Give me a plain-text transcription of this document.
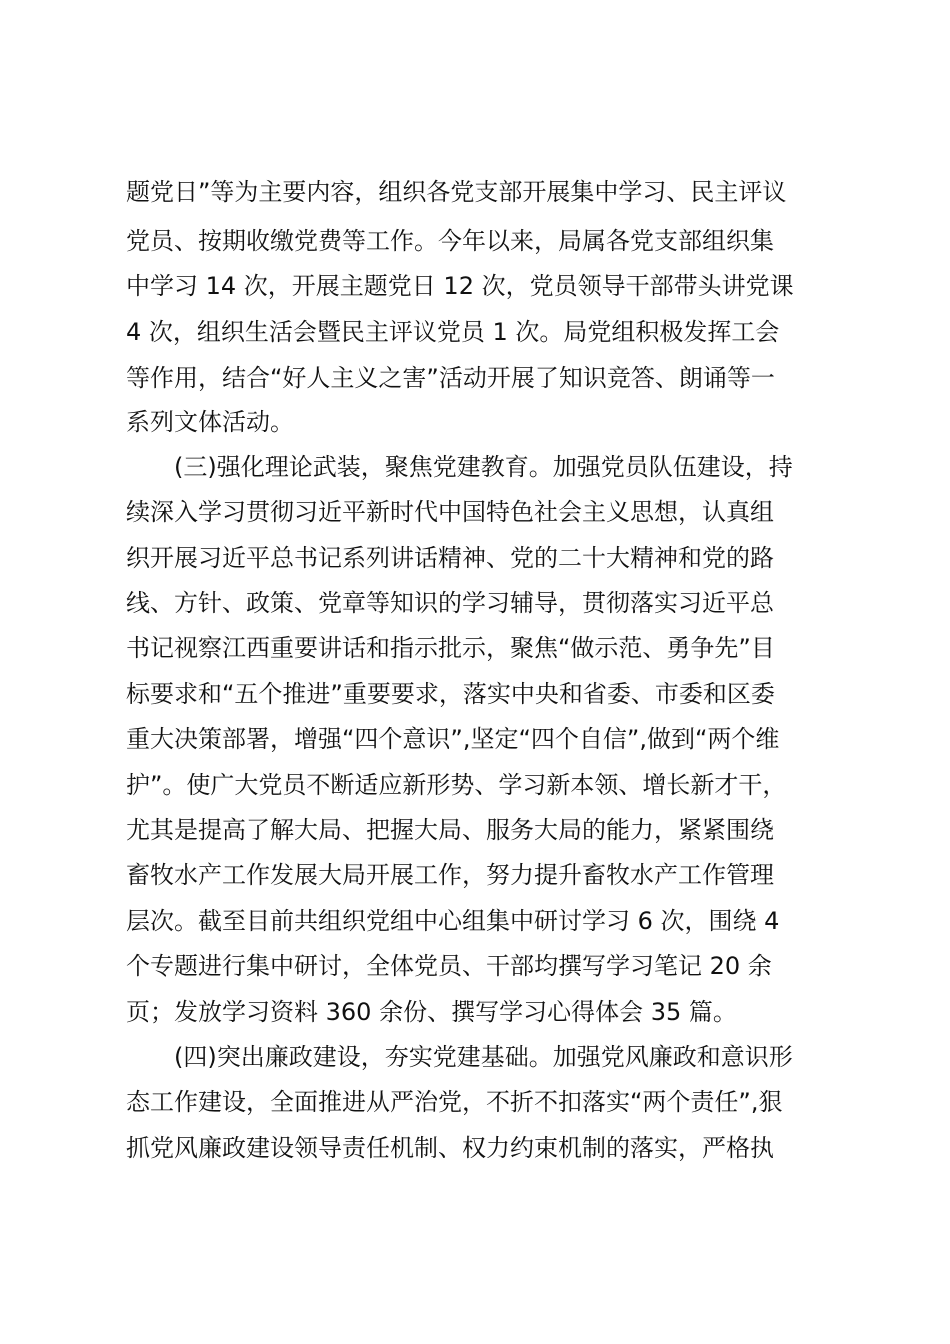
题党日”等为主要内容，组织各党支部开展集中学习、民主评议
党员、按期收缴党费等工作。今年以来，局属各党支部组织集
中学习 14 次，开展主题党日 12 次，党员领导干部带头讲党课
4 次，组织生活会暨民主评议党员 1 次。局党组积极发挥工会
等作用，结合“好人主义之害”活动开展了知识竞答、朗诵等一
系列文体活动。
(三)强化理论武装，聚焦党建教育。加强党员队伍建设，持
续深入学习贯彻习近平新时代中国特色社会主义思想，认真组
织开展习近平总书记系列讲话精神、党的二十大精神和党的路
线、方针、政策、党章等知识的学习辅导，贯彻落实习近平总
书记视察江西重要讲话和指示批示，聚焦“做示范、勇争先”目
标要求和“五个推进”重要要求，落实中央和省委、市委和区委
重大决策部署，增强“四个意识”,坚定“四个自信”,做到“两个维
护”。使广大党员不断适应新形势、学习新本领、增长新才干，
尤其是提高了解大局、把握大局、服务大局的能力，紧紧围绕
畜牧水产工作发展大局开展工作，努力提升畜牧水产工作管理
层次。截至目前共组织党组中心组集中研讨学习 6 次，围绕 4
个专题进行集中研讨，全体党员、干部均撰写学习笔记 20 余
页；发放学习资料 360 余份、撰写学习心得体会 35 篇。
(四)突出廉政建设，夯实党建基础。加强党风廉政和意识形
态工作建设，全面推进从严治党，不折不扣落实“两个责任”,狠
抓党风廉政建设领导责任机制、权力约束机制的落实，严格执
